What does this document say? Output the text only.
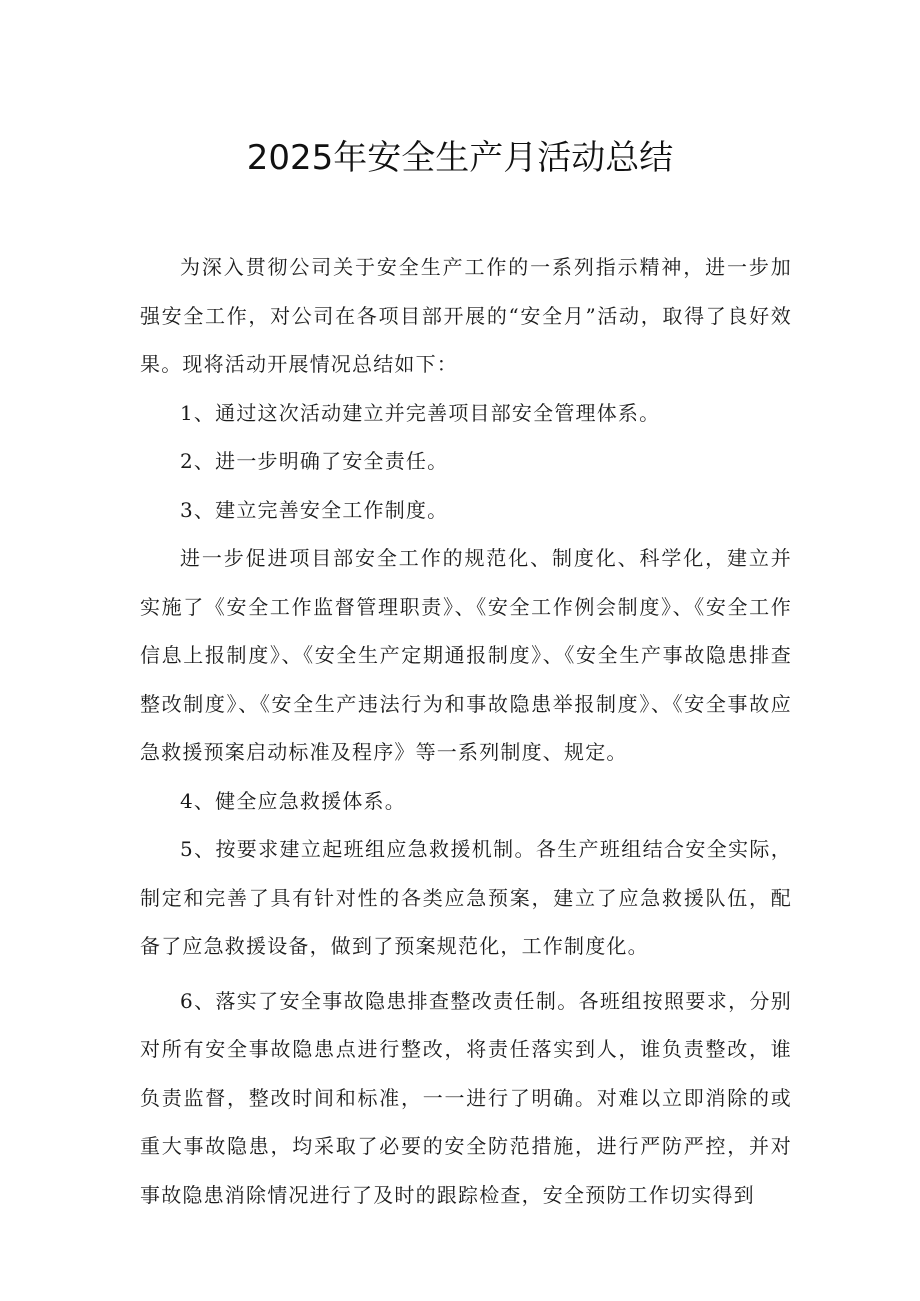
2025年安全生产月活动总结

为深入贯彻公司关于安全生产工作的一系列指示精神，进一步加强安全工作，对公司在各项目部开展的“安全月”活动，取得了良好效果。现将活动开展情况总结如下：

1、通过这次活动建立并完善项目部安全管理体系。

2、进一步明确了安全责任。

3、建立完善安全工作制度。

进一步促进项目部安全工作的规范化、制度化、科学化，建立并实施了《安全工作监督管理职责》、《安全工作例会制度》、《安全工作信息上报制度》、《安全生产定期通报制度》、《安全生产事故隐患排查整改制度》、《安全生产违法行为和事故隐患举报制度》、《安全事故应急救援预案启动标准及程序》等一系列制度、规定。

4、健全应急救援体系。

5、按要求建立起班组应急救援机制。各生产班组结合安全实际，制定和完善了具有针对性的各类应急预案，建立了应急救援队伍，配备了应急救援设备，做到了预案规范化，工作制度化。

6、落实了安全事故隐患排查整改责任制。各班组按照要求，分别对所有安全事故隐患点进行整改，将责任落实到人，谁负责整改，谁负责监督，整改时间和标准，一一进行了明确。对难以立即消除的或重大事故隐患，均采取了必要的安全防范措施，进行严防严控，并对事故隐患消除情况进行了及时的跟踪检查，安全预防工作切实得到
